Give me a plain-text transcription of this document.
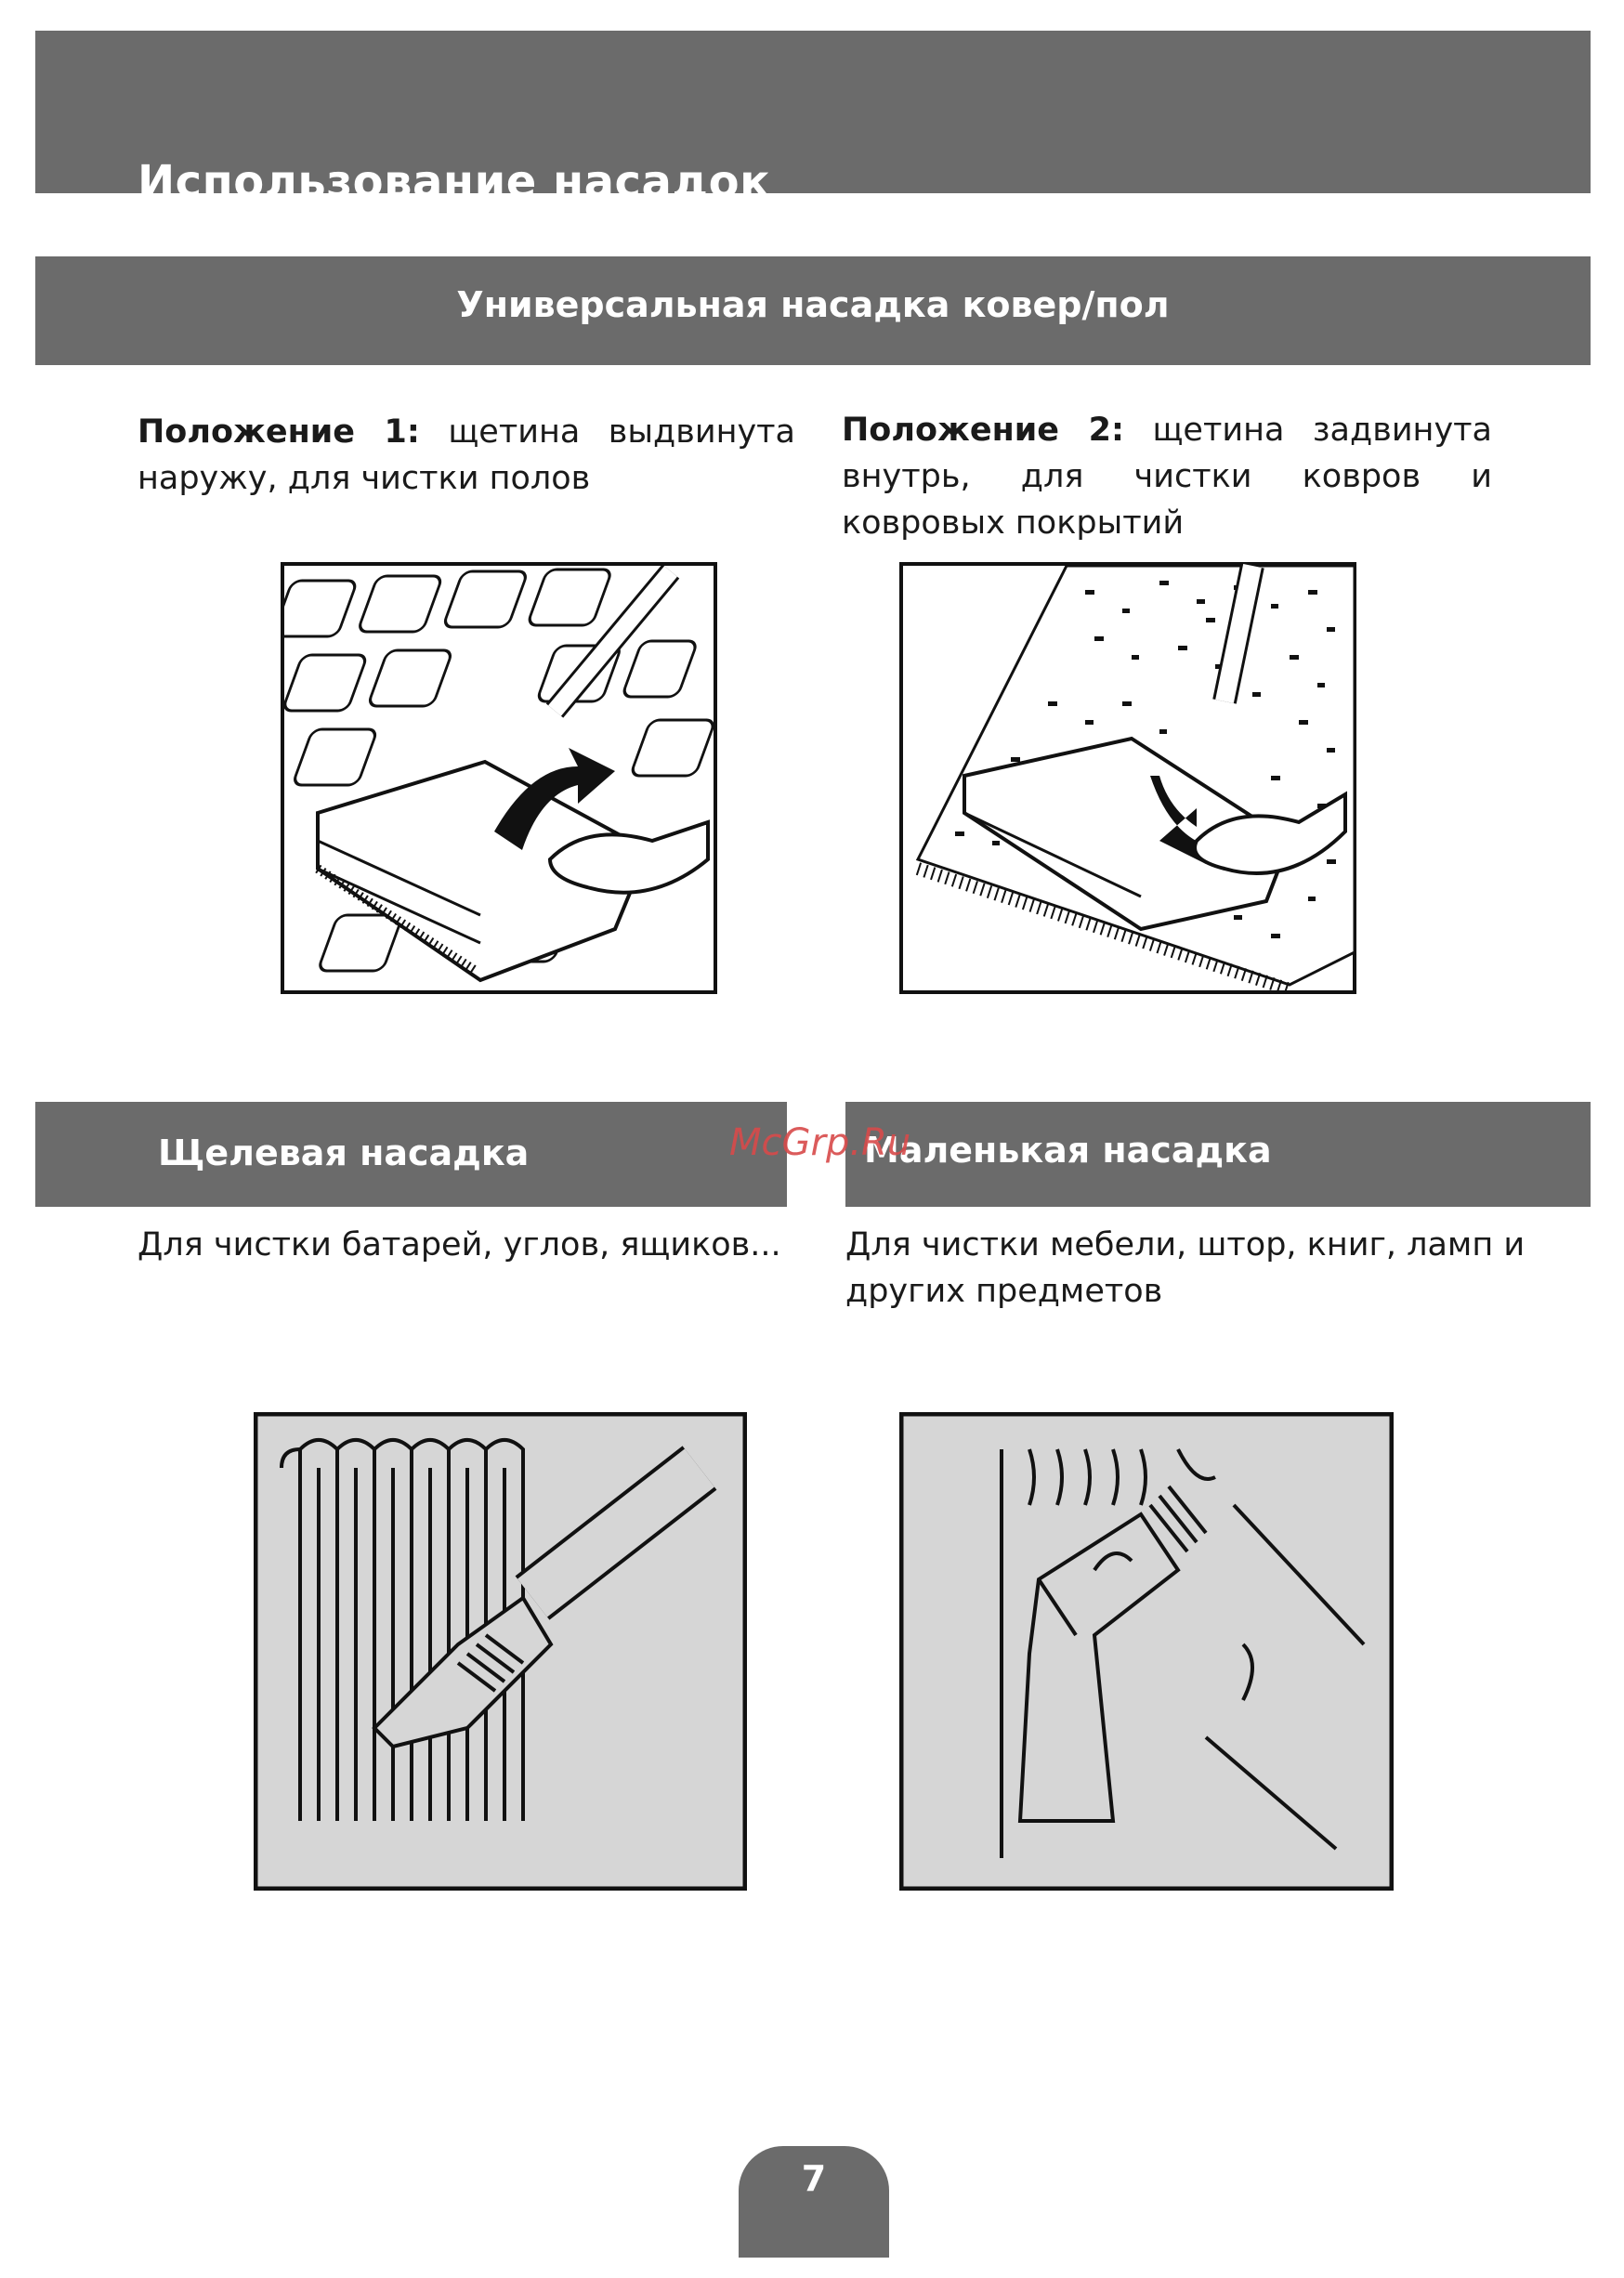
Использование насадок
Универсальная насадка ковер/пол
Положение 1: щетина выдвинута наружу, для чистки полов
Положение 2: щетина задвинута внутрь, для чистки ковров и ковровых покрытий
Щелевая насадка	Маленькая насадка
McGrp.Ru
Для чистки батарей, углов, ящиков...	Для чистки мебели, штор, книг, ламп и других предметов
7
